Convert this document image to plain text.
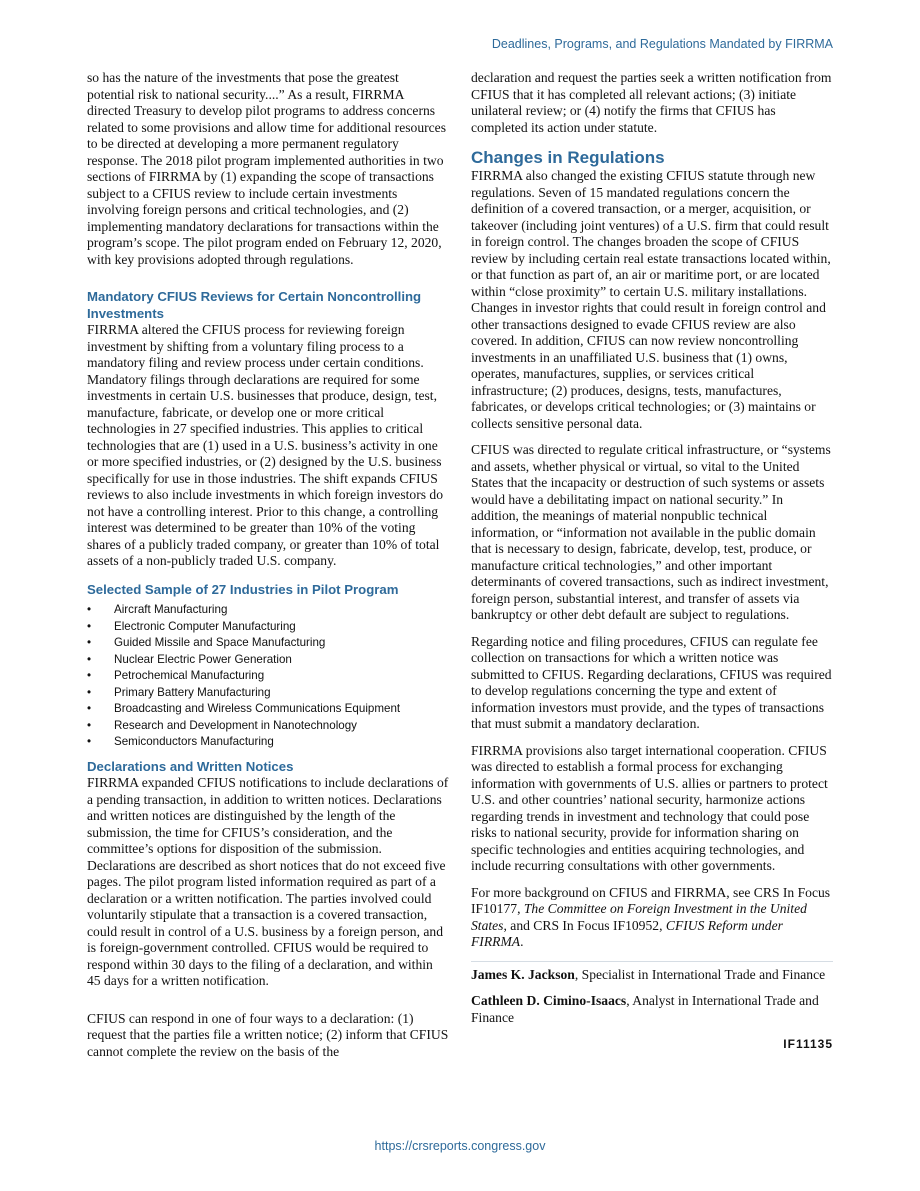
Deadlines, Programs, and Regulations Mandated by FIRRMA

so has the nature of the investments that pose the greatest potential risk to national security....” As a result, FIRRMA directed Treasury to develop pilot programs to address concerns related to some provisions and allow time for additional resources to be directed at developing a more permanent regulatory response. The 2018 pilot program implemented authorities in two sections of FIRRMA by (1) expanding the scope of transactions subject to a CFIUS review to include certain investments involving foreign persons and critical technologies, and (2) implementing mandatory declarations for transactions within the program’s scope. The pilot program ended on February 12, 2020, with key provisions adopted through regulations.

Mandatory CFIUS Reviews for Certain Noncontrolling Investments

FIRRMA altered the CFIUS process for reviewing foreign investment by shifting from a voluntary filing process to a mandatory filing and review process under certain conditions. Mandatory filings through declarations are required for some investments in certain U.S. businesses that produce, design, test, manufacture, fabricate, or develop one or more critical technologies in 27 specified industries. This applies to critical technologies that are (1) used in a U.S. business’s activity in one or more specified industries, or (2) designed by the U.S. business specifically for use in those industries. The shift expands CFIUS reviews to also include investments in which foreign investors do not have a controlling interest. Prior to this change, a controlling interest was determined to be greater than 10% of the voting shares of a publicly traded company, or greater than 10% of total assets of a non-publicly traded U.S. company.

Selected Sample of 27 Industries in Pilot Program
• Aircraft Manufacturing
• Electronic Computer Manufacturing
• Guided Missile and Space Manufacturing
• Nuclear Electric Power Generation
• Petrochemical Manufacturing
• Primary Battery Manufacturing
• Broadcasting and Wireless Communications Equipment
• Research and Development in Nanotechnology
• Semiconductors Manufacturing
Declarations and Written Notices

FIRRMA expanded CFIUS notifications to include declarations of a pending transaction, in addition to written notices. Declarations and written notices are distinguished by the length of the submission, the time for CFIUS’s consideration, and the committee’s options for disposition of the submission. Declarations are described as short notices that do not exceed five pages. The pilot program listed information required as part of a declaration or a written notification. The parties involved could voluntarily stipulate that a transaction is a covered transaction, could result in control of a U.S. business by a foreign person, and is foreign-government controlled. CFIUS would be required to respond within 30 days to the filing of a declaration, and within 45 days for a written notification.

CFIUS can respond in one of four ways to a declaration: (1) request that the parties file a written notice; (2) inform that CFIUS cannot complete the review on the basis of the

declaration and request the parties seek a written notification from CFIUS that it has completed all relevant actions; (3) initiate unilateral review; or (4) notify the firms that CFIUS has completed its action under statute.

Changes in Regulations

FIRRMA also changed the existing CFIUS statute through new regulations. Seven of 15 mandated regulations concern the definition of a covered transaction, or a merger, acquisition, or takeover (including joint ventures) of a U.S. firm that could result in foreign control. The changes broaden the scope of CFIUS review by including certain real estate transactions located within, or that function as part of, an air or maritime port, or are located within “close proximity” to certain U.S. military installations. Changes in investor rights that could result in foreign control and other transactions designed to evade CFIUS review are also covered. In addition, CFIUS can now review noncontrolling investments in an unaffiliated U.S. business that (1) owns, operates, manufactures, supplies, or services critical infrastructure; (2) produces, designs, tests, manufactures, fabricates, or develops critical technologies; or (3) maintains or collects sensitive personal data.

CFIUS was directed to regulate critical infrastructure, or “systems and assets, whether physical or virtual, so vital to the United States that the incapacity or destruction of such systems or assets would have a debilitating impact on national security.” In addition, the meanings of material nonpublic technical information, or “information not available in the public domain that is necessary to design, fabricate, develop, test, produce, or manufacture critical technologies,” and other important determinants of covered transactions, such as indirect investment, foreign person, substantial interest, and transfer of assets via bankruptcy or other debt default are subject to regulations.

Regarding notice and filing procedures, CFIUS can regulate fee collection on transactions for which a written notice was submitted to CFIUS. Regarding declarations, CFIUS was required to develop regulations concerning the type and extent of information investors must provide, and the types of transactions that must submit a mandatory declaration.

FIRRMA provisions also target international cooperation. CFIUS was directed to establish a formal process for exchanging information with governments of U.S. allies or partners to protect U.S. and other countries’ national security, harmonize actions regarding trends in investment and technology that could pose risks to national security, provide for information sharing on specific technologies and entities acquiring technologies, and include recurring consultations with other governments.

For more background on CFIUS and FIRRMA, see CRS In Focus IF10177, The Committee on Foreign Investment in the United States, and CRS In Focus IF10952, CFIUS Reform under FIRRMA.

James K. Jackson, Specialist in International Trade and Finance

Cathleen D. Cimino-Isaacs, Analyst in International Trade and Finance

IF11135
https://crsreports.congress.gov
